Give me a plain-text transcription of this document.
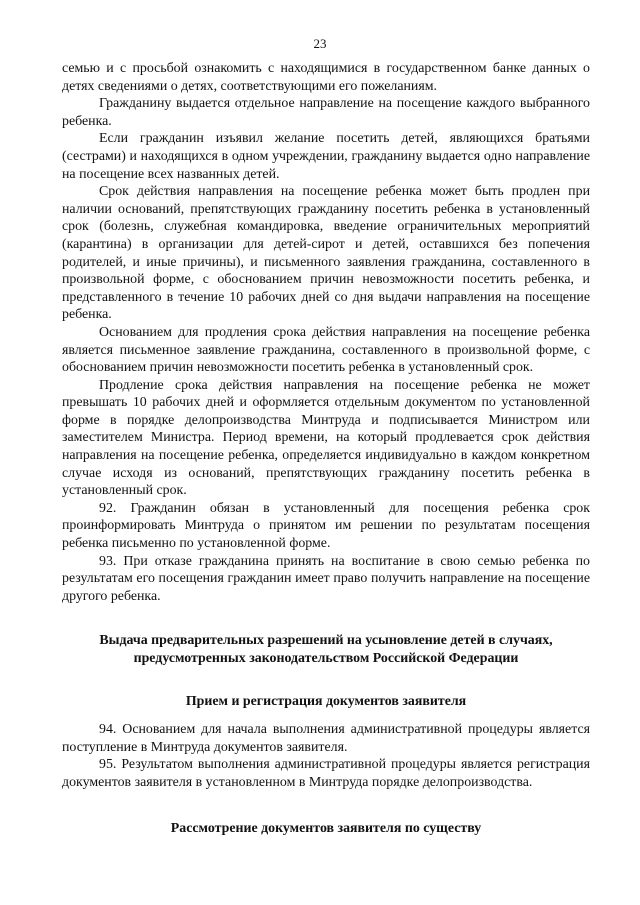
23

семью и с просьбой ознакомить с находящимися в государственном банке данных о детях сведениями о детях, соответствующими его пожеланиям.

Гражданину выдается отдельное направление на посещение каждого выбранного ребенка.

Если гражданин изъявил желание посетить детей, являющихся братьями (сестрами) и находящихся в одном учреждении, гражданину выдается одно направление на посещение всех названных детей.

Срок действия направления на посещение ребенка может быть продлен при наличии оснований, препятствующих гражданину посетить ребенка в установленный срок (болезнь, служебная командировка, введение ограничительных мероприятий (карантина) в организации для детей-сирот и детей, оставшихся без попечения родителей, и иные причины), и письменного заявления гражданина, составленного в произвольной форме, с обоснованием причин невозможности посетить ребенка, и представленного в течение 10 рабочих дней со дня выдачи направления на посещение ребенка.

Основанием для продления срока действия направления на посещение ребенка является письменное заявление гражданина, составленного в произвольной форме, с обоснованием причин невозможности посетить ребенка в установленный срок.

Продление срока действия направления на посещение ребенка не может превышать 10 рабочих дней и оформляется отдельным документом по установленной форме в порядке делопроизводства Минтруда и подписывается Министром или заместителем Министра. Период времени, на который продлевается срок действия направления на посещение ребенка, определяется индивидуально в каждом конкретном случае исходя из оснований, препятствующих гражданину посетить ребенка в установленный срок.

92. Гражданин обязан в установленный для посещения ребенка срок проинформировать Минтруда о принятом им решении по результатам посещения ребенка письменно по установленной форме.

93. При отказе гражданина принять на воспитание в свою семью ребенка по результатам его посещения гражданин имеет право получить направление на посещение другого ребенка.

Выдача предварительных разрешений на усыновление детей в случаях, предусмотренных законодательством Российской Федерации
Прием и регистрация документов заявителя

94. Основанием для начала выполнения административной процедуры является поступление в Минтруда документов заявителя.

95. Результатом выполнения административной процедуры является регистрация документов заявителя в установленном в Минтруда порядке делопроизводства.

Рассмотрение документов заявителя по существу
